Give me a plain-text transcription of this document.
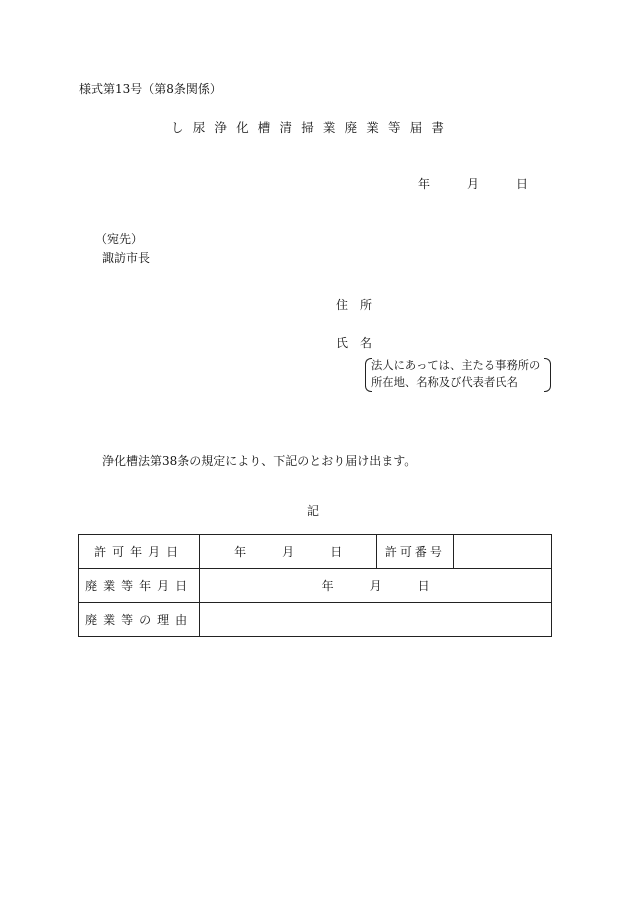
様式第13号（第8条関係）
し尿浄化槽清掃業廃業等届書
年	月	日
（宛先）
諏訪市長
住 所
氏 名
法人にあっては、主たる事務所の
所在地、名称及び代表者氏名
浄化槽法第38条の規定により、下記のとおり届け出ます。
記
許可年月日	年 月 日	許可番号	
廃業等年月日	年 月 日		
廃業等の理由			
